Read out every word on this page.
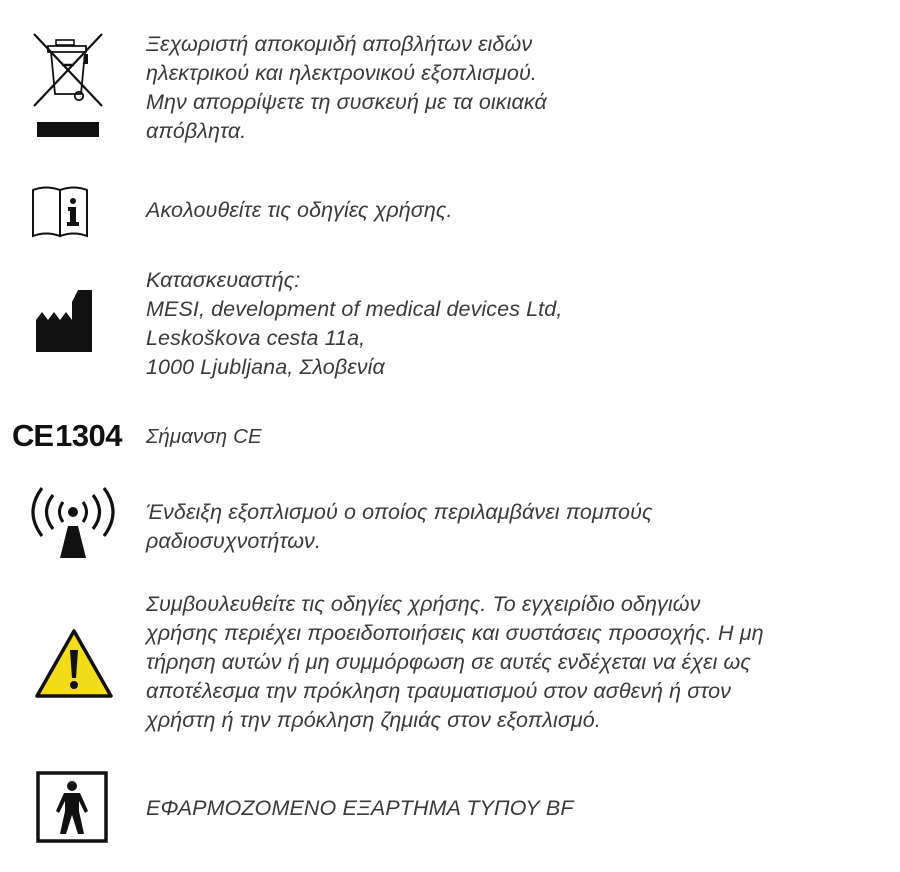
Ξεχωριστή αποκομιδή αποβλήτων ειδών
ηλεκτρικού και ηλεκτρονικού εξοπλισμού.
Μην απορρίψετε τη συσκευή με τα οικιακά
απόβλητα.
Ακολουθείτε τις οδηγίες χρήσης.
Κατασκευαστής:
MESI, development of medical devices Ltd,
Leskoškova cesta 11a,
1000 Ljubljana, Σλοβενία
CE1304 Σήμανση CE
Ένδειξη εξοπλισμού ο οποίος περιλαμβάνει πομπούς
ραδιοσυχνοτήτων.
Συμβουλευθείτε τις οδηγίες χρήσης. Το εγχειρίδιο οδηγιών
χρήσης περιέχει προειδοποιήσεις και συστάσεις προσοχής. Η μη
τήρηση αυτών ή μη συμμόρφωση σε αυτές ενδέχεται να έχει ως
αποτέλεσμα την πρόκληση τραυματισμού στον ασθενή ή στον
χρήστη ή την πρόκληση ζημιάς στον εξοπλισμό.
ΕΦΑΡΜΟΖΟΜΕΝΟ ΕΞΑΡΤΗΜΑ ΤΥΠΟΥ BF
